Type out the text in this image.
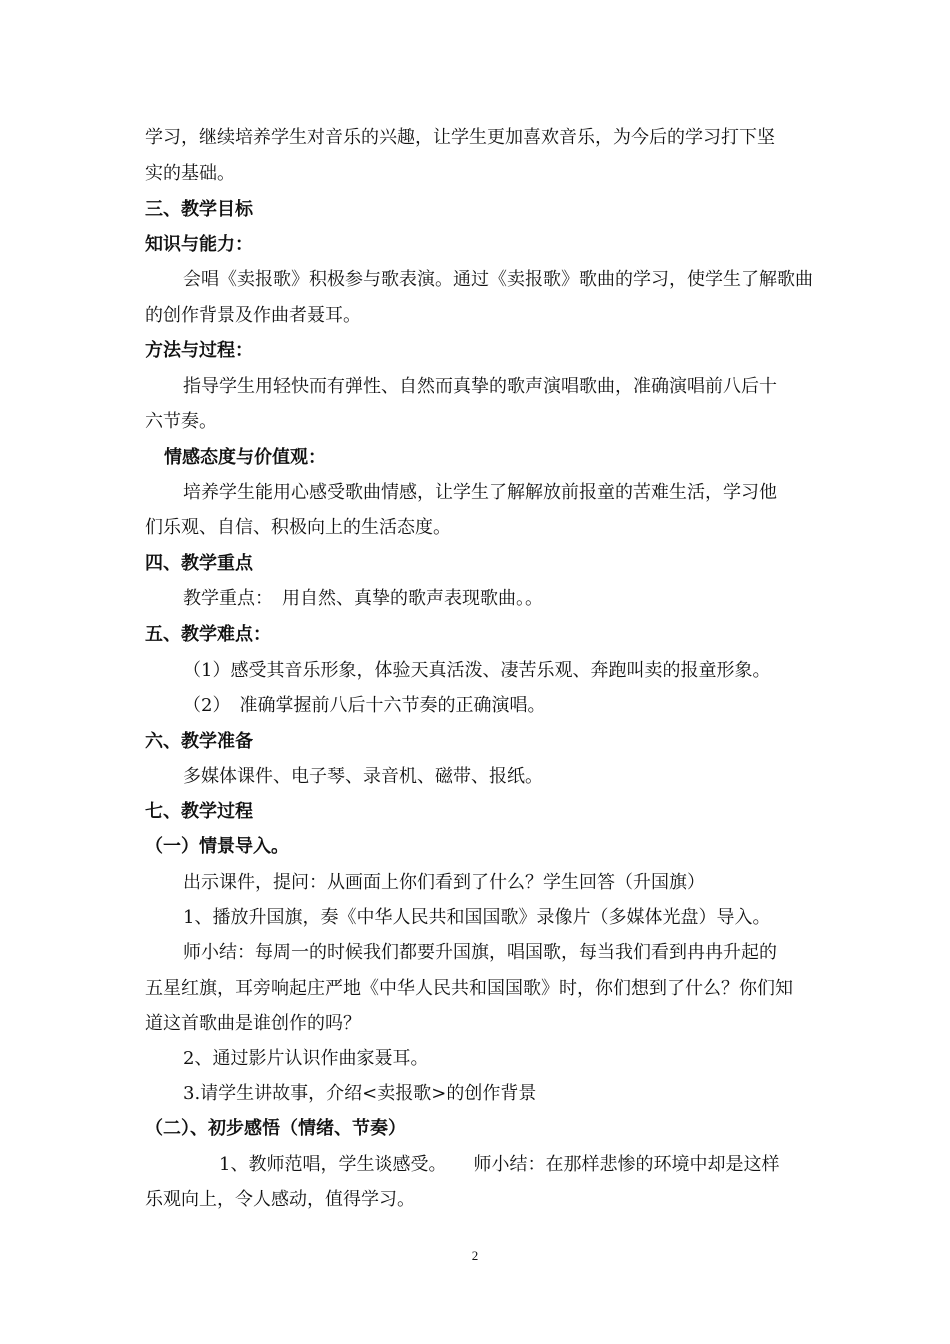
学习，继续培养学生对音乐的兴趣，让学生更加喜欢音乐，为今后的学习打下坚
实的基础。
三、教学目标
知识与能力：
会唱《卖报歌》积极参与歌表演。通过《卖报歌》歌曲的学习，使学生了解歌曲
的创作背景及作曲者聂耳。
方法与过程：
指导学生用轻快而有弹性、自然而真挚的歌声演唱歌曲，准确演唱前八后十
六节奏。
情感态度与价值观：
培养学生能用心感受歌曲情感，让学生了解解放前报童的苦难生活，学习他
们乐观、自信、积极向上的生活态度。
四、教学重点
教学重点：　用自然、真挚的歌声表现歌曲。。
五、教学难点：
（1）感受其音乐形象，体验天真活泼、凄苦乐观、奔跑叫卖的报童形象。
（2）　准确掌握前八后十六节奏的正确演唱。
六、教学准备
多媒体课件、电子琴、录音机、磁带、报纸。
七、教学过程
（一）情景导入。
出示课件，提问：从画面上你们看到了什么？学生回答（升国旗）
1、播放升国旗，奏《中华人民共和国国歌》录像片（多媒体光盘）导入。
师小结：每周一的时候我们都要升国旗，唱国歌，每当我们看到冉冉升起的
五星红旗，耳旁响起庄严地《中华人民共和国国歌》时，你们想到了什么？你们知
道这首歌曲是谁创作的吗？
2、通过影片认识作曲家聂耳。
3.请学生讲故事，介绍<卖报歌>的创作背景
（二）、初步感悟（情绪、节奏）
1、教师范唱，学生谈感受。　　师小结：在那样悲惨的环境中却是这样
乐观向上，令人感动，值得学习。
2
